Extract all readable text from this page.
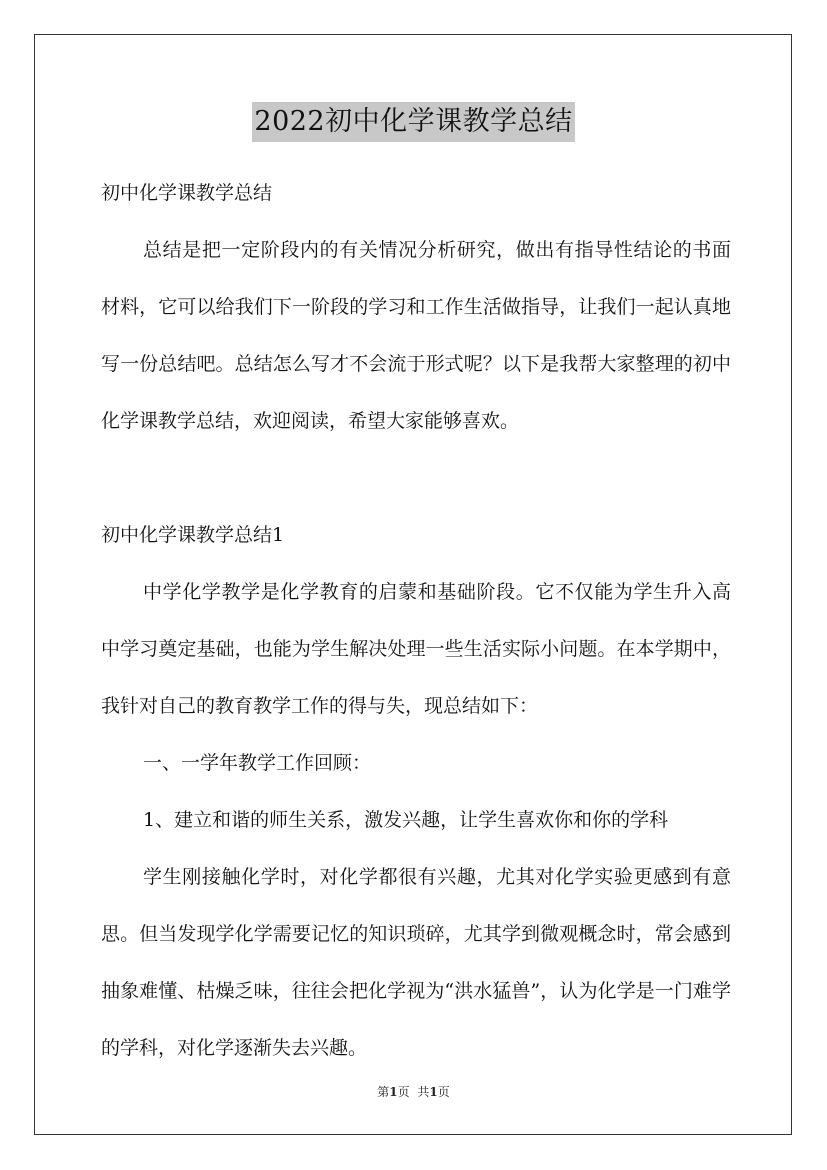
2022初中化学课教学总结

初中化学课教学总结

总结是把一定阶段内的有关情况分析研究，做出有指导性结论的书面材料，它可以给我们下一阶段的学习和工作生活做指导，让我们一起认真地写一份总结吧。总结怎么写才不会流于形式呢？以下是我帮大家整理的初中化学课教学总结，欢迎阅读，希望大家能够喜欢。

初中化学课教学总结1

中学化学教学是化学教育的启蒙和基础阶段。它不仅能为学生升入高中学习奠定基础，也能为学生解决处理一些生活实际小问题。在本学期中，我针对自己的教育教学工作的得与失，现总结如下：

一、一学年教学工作回顾：

1、建立和谐的师生关系，激发兴趣，让学生喜欢你和你的学科

学生刚接触化学时，对化学都很有兴趣，尤其对化学实验更感到有意思。但当发现学化学需要记忆的知识琐碎，尤其学到微观概念时，常会感到抽象难懂、枯燥乏味，往往会把化学视为“洪水猛兽”，认为化学是一门难学的学科，对化学逐渐失去兴趣。

第1页 共1页
